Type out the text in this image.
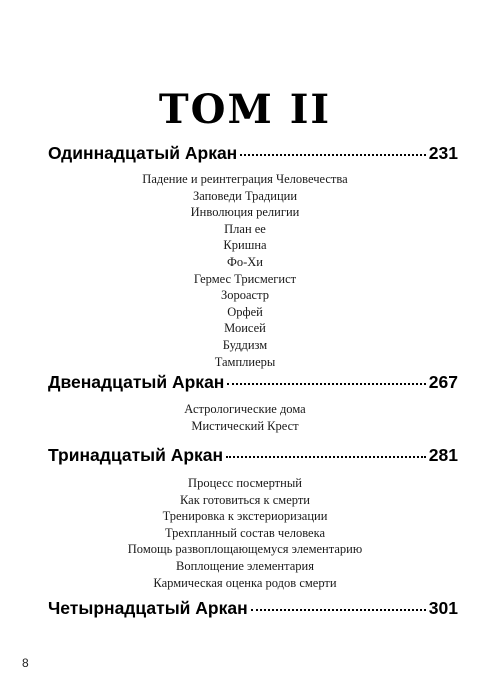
ТОМ II
Одиннадцатый Аркан	231
Падение и реинтеграция Человечества
Заповеди Традиции
Инволюция религии
План ее
Кришна
Фо-Хи
Гермес Трисмегист
Зороастр
Орфей
Моисей
Буддизм
Тамплиеры
Двенадцатый Аркан	267
Астрологические дома
Мистический Крест
Тринадцатый Аркан	281
Процесс посмертный
Как готовиться к смерти
Тренировка к экстериоризации
Трехпланный состав человека
Помощь развоплощающемуся элементарию
Воплощение элементария
Кармическая оценка родов смерти
Четырнадцатый Аркан	301
8
